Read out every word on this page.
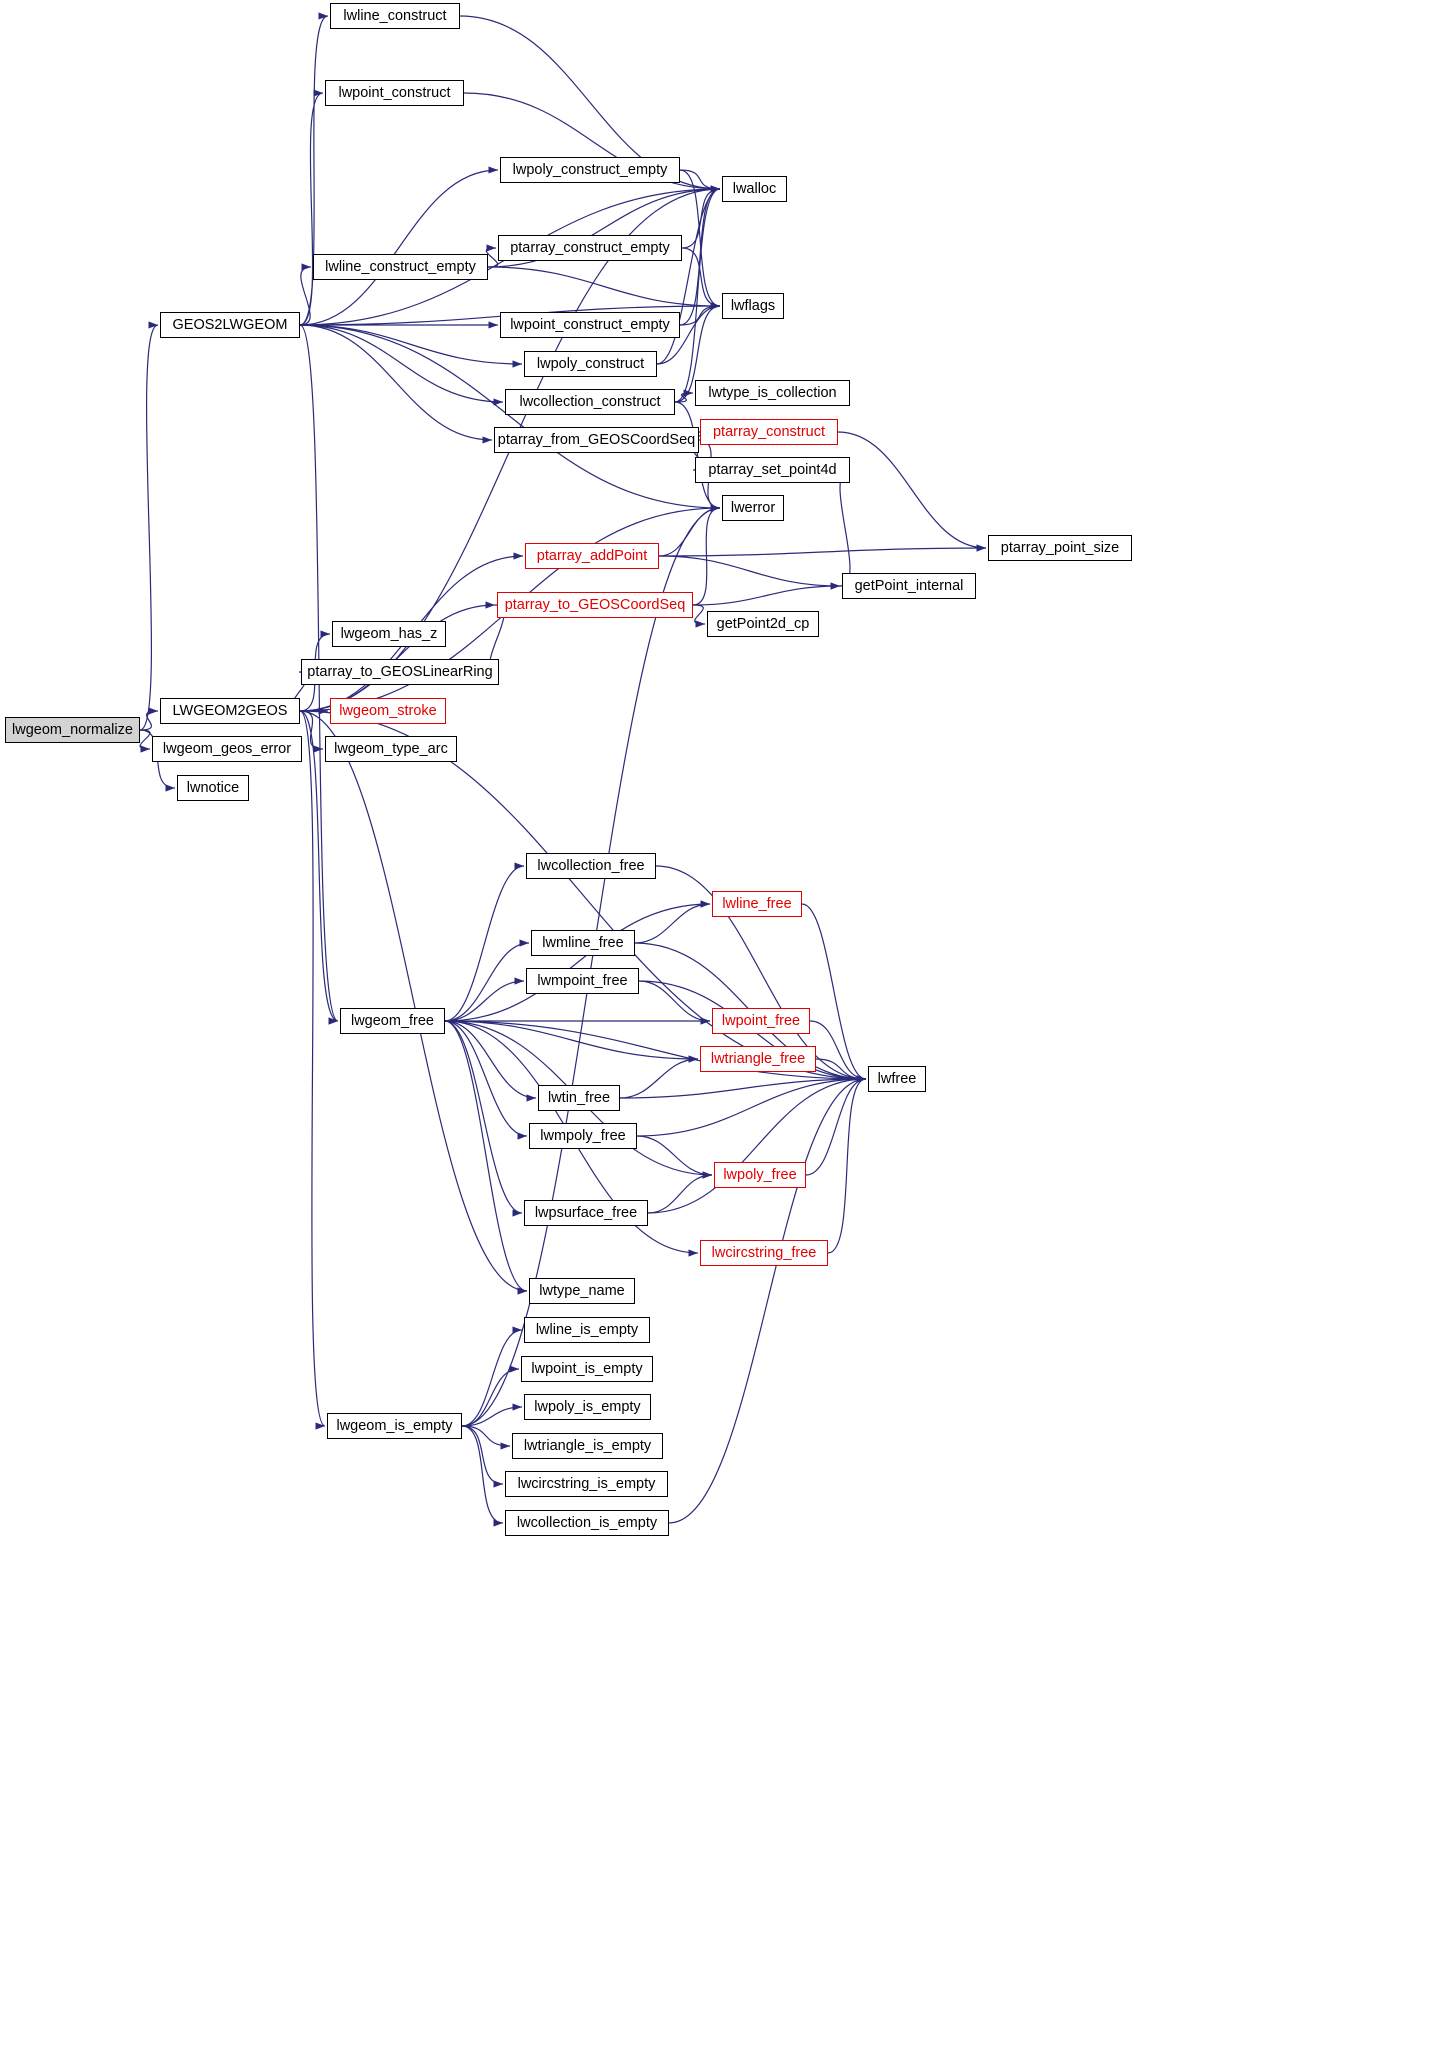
lwline_construct
lwpoint_construct
lwpoly_construct_empty
lwalloc
ptarray_construct_empty
lwline_construct_empty
lwflags
GEOS2LWGEOM	lwpoint_construct_empty
lwpoly_construct
lwtype_is_collection
lwcollection_construct
ptarray_construct
ptarray_from_GEOSCoordSeq
ptarray_set_point4d
lwerror
ptarray_point_size
ptarray_addPoint
getPoint_internal
ptarray_to_GEOSCoordSeq
getPoint2d_cp
lwgeom_has_z
ptarray_to_GEOSLinearRing
LWGEOM2GEOS	lwgeom_stroke
lwgeom_normalize
lwgeom_geos_error	lwgeom_type_arc
lwnotice
lwcollection_free
lwline_free
lwmline_free
lwmpoint_free
lwgeom_free	lwpoint_free
lwtriangle_free
lwfree
lwtin_free
lwmpoly_free
lwpoly_free
lwpsurface_free
lwcircstring_free
lwtype_name
lwline_is_empty
lwpoint_is_empty
lwpoly_is_empty
lwgeom_is_empty
lwtriangle_is_empty
lwcircstring_is_empty
lwcollection_is_empty
